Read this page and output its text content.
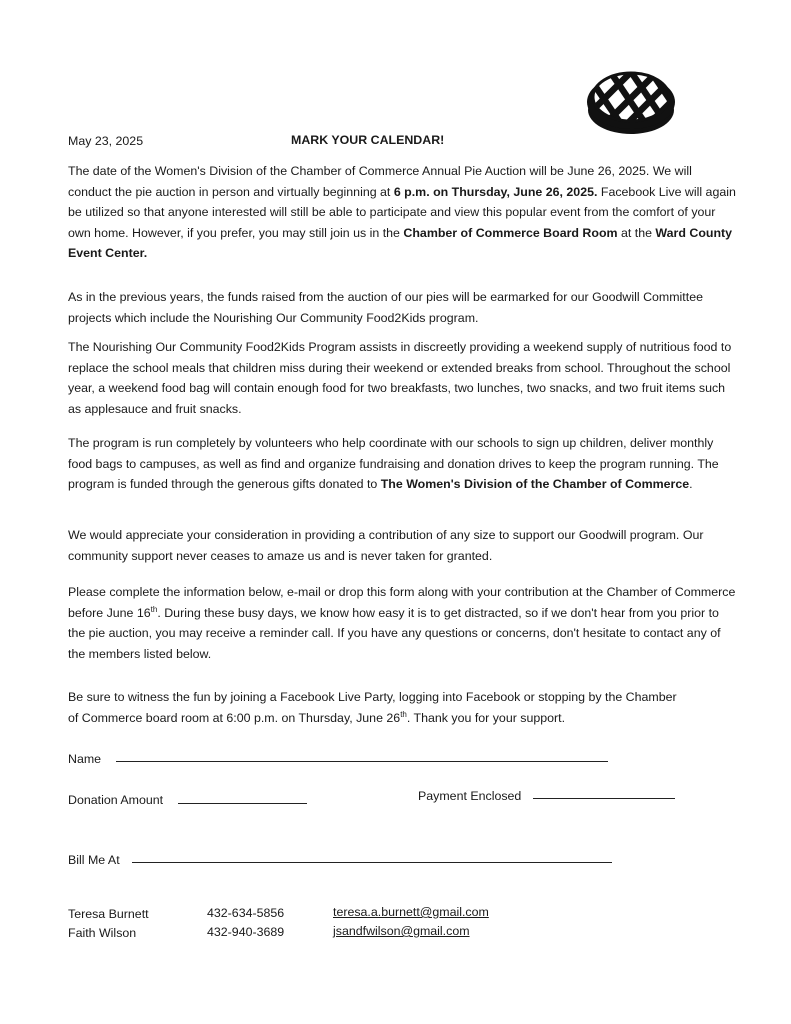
May 23, 2025	MARK YOUR CALENDAR!

The date of the Women's Division of the Chamber of Commerce Annual Pie Auction will be June 26, 2025. We will conduct the pie auction in person and virtually beginning at 6 p.m. on Thursday, June 26, 2025. Facebook Live will again be utilized so that anyone interested will still be able to participate and view this popular event from the comfort of your own home. However, if you prefer, you may still join us in the Chamber of Commerce Board Room at the Ward County Event Center.

As in the previous years, the funds raised from the auction of our pies will be earmarked for our Goodwill Committee projects which include the Nourishing Our Community Food2Kids program.

The Nourishing Our Community Food2Kids Program assists in discreetly providing a weekend supply of nutritious food to replace the school meals that children miss during their weekend or extended breaks from school. Throughout the school year, a weekend food bag will contain enough food for two breakfasts, two lunches, two snacks, and two fruit items such as applesauce and fruit snacks.

The program is run completely by volunteers who help coordinate with our schools to sign up children, deliver monthly food bags to campuses, as well as find and organize fundraising and donation drives to keep the program running. The program is funded through the generous gifts donated to The Women's Division of the Chamber of Commerce.

We would appreciate your consideration in providing a contribution of any size to support our Goodwill program. Our community support never ceases to amaze us and is never taken for granted.

Please complete the information below, e-mail or drop this form along with your contribution at the Chamber of Commerce before June 16th. During these busy days, we know how easy it is to get distracted, so if we don't hear from you prior to the pie auction, you may receive a reminder call. If you have any questions or concerns, don't hesitate to contact any of the members listed below.

Be sure to witness the fun by joining a Facebook Live Party, logging into Facebook or stopping by the Chamber of Commerce board room at 6:00 p.m. on Thursday, June 26th. Thank you for your support.

Name
Donation Amount	Payment Enclosed
Bill Me At
Teresa Burnett	432-634-5856	teresa.a.burnett@gmail.com
Faith Wilson	432-940-3689	jsandfwilson@gmail.com
